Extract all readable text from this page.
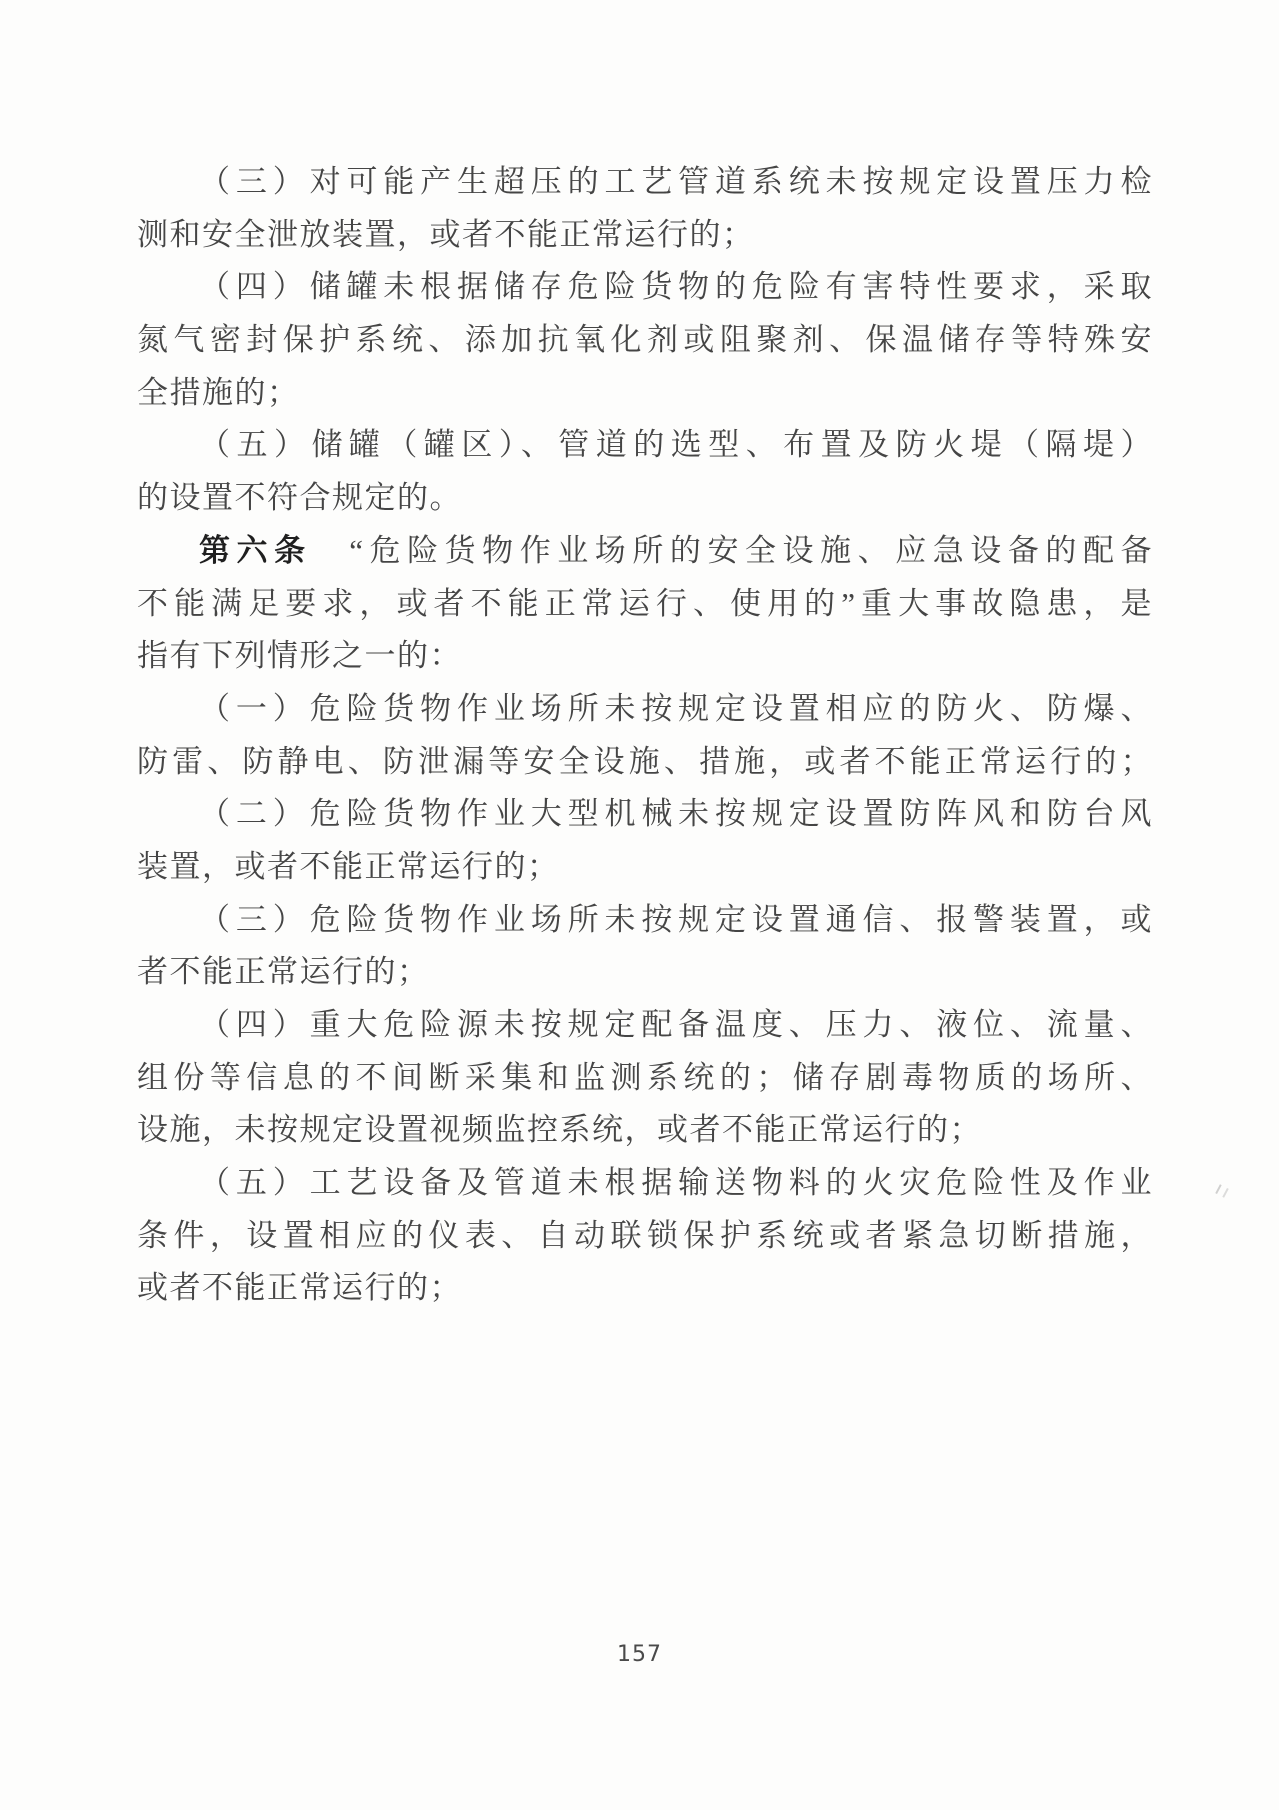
（三）对可能产生超压的工艺管道系统未按规定设置压力检
测和安全泄放装置，或者不能正常运行的；
（四）储罐未根据储存危险货物的危险有害特性要求，采取
氮气密封保护系统、添加抗氧化剂或阻聚剂、保温储存等特殊安
全措施的；
（五）储罐（罐区）、管道的选型、布置及防火堤（隔堤）
的设置不符合规定的。
第六条　“危险货物作业场所的安全设施、应急设备的配备
不能满足要求，或者不能正常运行、使用的”重大事故隐患，是
指有下列情形之一的：
（一）危险货物作业场所未按规定设置相应的防火、防爆、
防雷、防静电、防泄漏等安全设施、措施，或者不能正常运行的；
（二）危险货物作业大型机械未按规定设置防阵风和防台风
装置，或者不能正常运行的；
（三）危险货物作业场所未按规定设置通信、报警装置，或
者不能正常运行的；
（四）重大危险源未按规定配备温度、压力、液位、流量、
组份等信息的不间断采集和监测系统的；储存剧毒物质的场所、
设施，未按规定设置视频监控系统，或者不能正常运行的；
（五）工艺设备及管道未根据输送物料的火灾危险性及作业
条件，设置相应的仪表、自动联锁保护系统或者紧急切断措施，
或者不能正常运行的；
157
